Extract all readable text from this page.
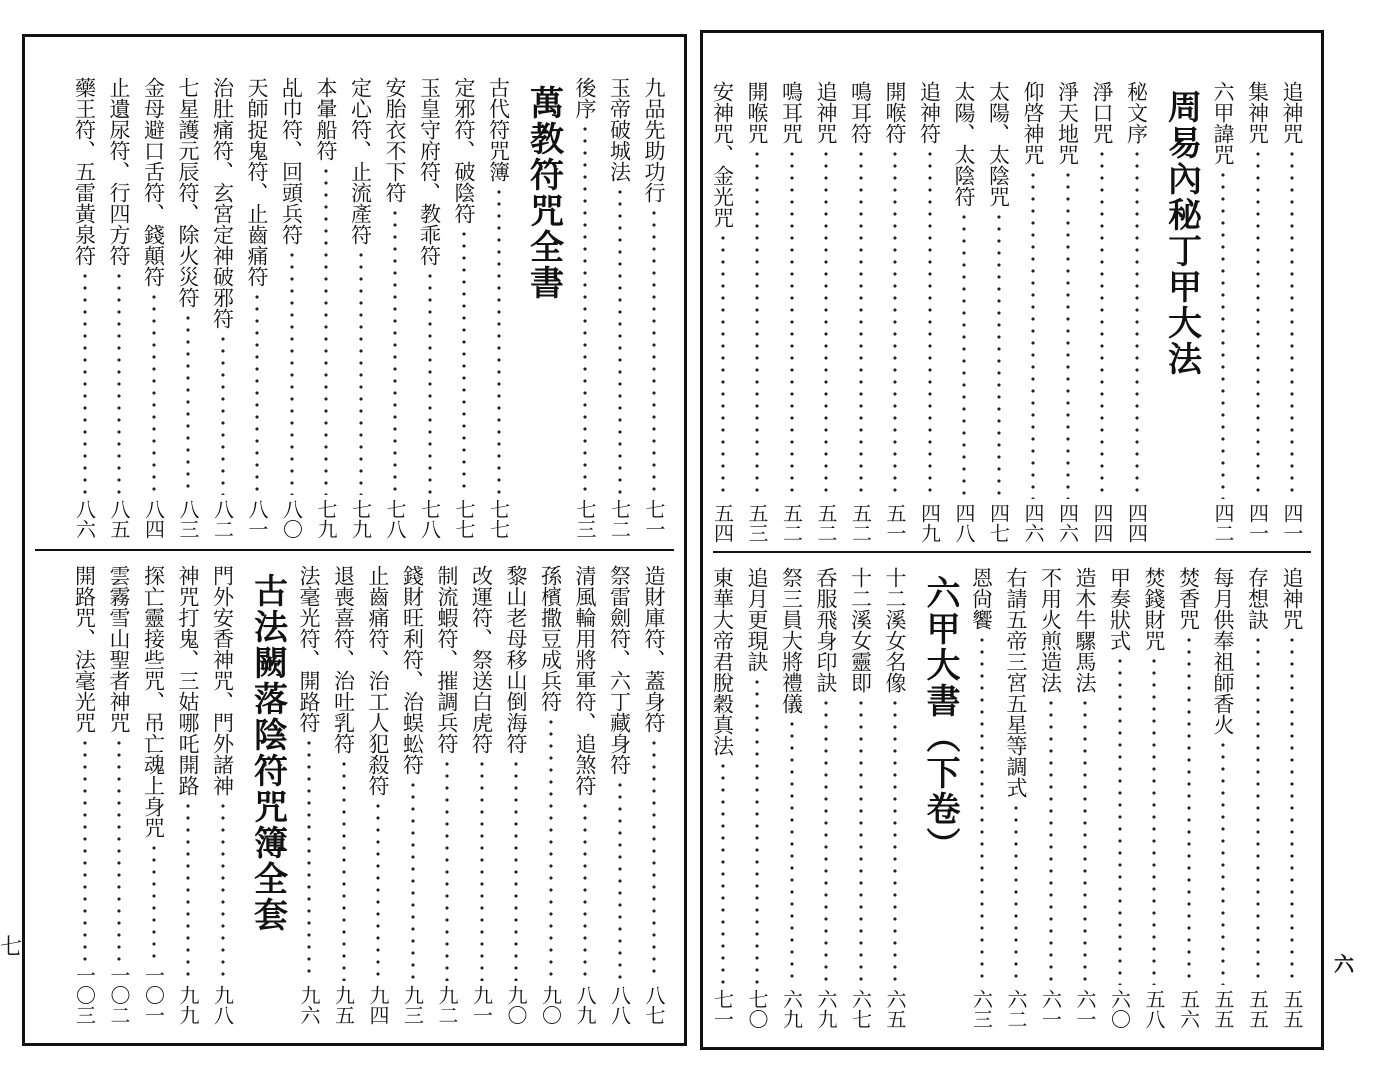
九品先助功行
七一
玉帝破城法
七二
後序
七三
萬教符咒全書
古代符咒簿
七七
定邪符、破陰符
七七
玉皇守府符、教乖符
七八
安胎衣不下符
七八
定心符、止流產符
七九
本暈船符
七九
乩巾符、回頭兵符
八〇
天師捉鬼符、止齒痛符
八一
治肚痛符、玄宮定神破邪符
八二
七星護元辰符、除火災符
八三
金母避口舌符、錢顛符
八四
止遺尿符、行四方符
八五
藥王符、五雷黃泉符
八六
造財庫符、蓋身符
八七
祭雷劍符、六丁藏身符
八八
清風輪用將軍符、追煞符
八九
孫檳撒豆成兵符
九〇
黎山老母移山倒海符
九〇
改運符、祭送白虎符
九一
制流蝦符、摧調兵符
九二
錢財旺利符、治蜈蚣符
九三
止齒痛符、治工人犯殺符
九四
退喪喜符、治吐乳符
九五
法毫光符、開路符
九六
古法闕落陰符咒簿全套
門外安香神咒、門外諸神
九八
神咒打鬼、三姑哪吒開路
九九
探亡靈接些咒、吊亡魂上身咒
一〇一
雲霧雪山聖者神咒
一〇二
開路咒、法毫光咒
一〇三
追神咒
四一
集神咒
四一
六甲諱咒
四二
周易內秘丁甲大法
秘文序
四四
淨口咒
四四
淨天地咒
四六
仰啓神咒
四六
太陽、太陰咒
四七
太陽、太陰符
四八
追神符
四九
開喉符
五一
鳴耳符
五二
追神咒
五二
鳴耳咒
五二
開喉咒
五三
安神咒、金光咒
五四
追神咒
五五
存想訣
五五
每月供奉祖師香火
五五
焚香咒
五六
焚錢財咒
五八
甲奏狀式
六〇
造木牛騾馬法
六一
不用火煎造法
六一
右請五帝三宮五星等調式
六二
恩尙饗
六三
六甲大書（下卷）
十二溪女名像
六五
十二溪女靈即
六七
呑服飛身印訣
六九
祭三員大將禮儀
六九
追月更現訣
七〇
東華大帝君脫穀真法
七一
七
六
